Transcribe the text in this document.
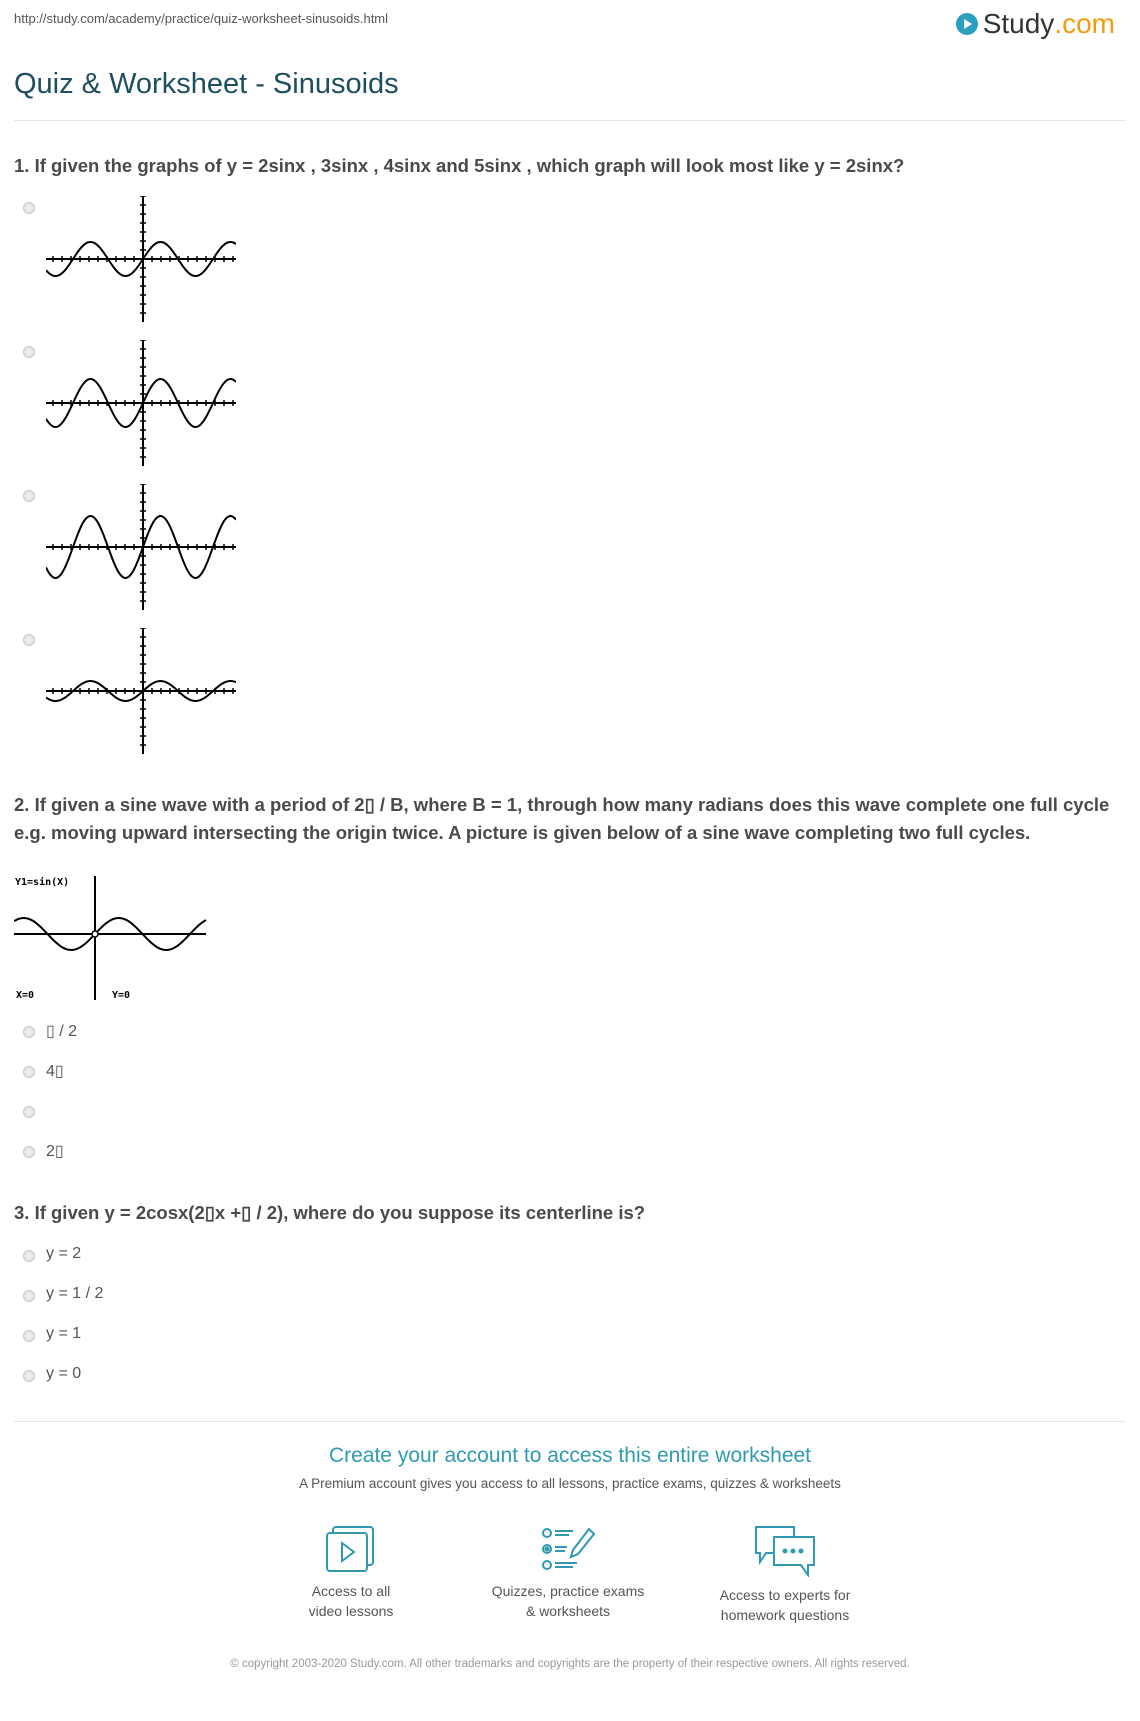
http://study.com/academy/practice/quiz-worksheet-sinusoids.html	Study .com
Quiz & Worksheet - Sinusoids
1. If given the graphs of y = 2sinx , 3sinx , 4sinx and 5sinx , which graph will look most like y = 2sinx?
2. If given a sine wave with a period of 2▯ / B, where B = 1, through how many radians does this wave complete one full cycle e.g. moving upward intersecting the origin twice. A picture is given below of a sine wave completing two full cycles.
Y1=sin(X)
X=0	Y=0
▯ / 2
4▯
2▯
3. If given y = 2cosx(2▯x +▯ / 2), where do you suppose its centerline is?
y = 2
y = 1 / 2
y = 1
y = 0
Create your account to access this entire worksheet
A Premium account gives you access to all lessons, practice exams, quizzes & worksheets
Access to all
video lessons
Quizzes, practice exams
& worksheets
Access to experts for
homework questions
© copyright 2003-2020 Study.com. All other trademarks and copyrights are the property of their respective owners. All rights reserved.
